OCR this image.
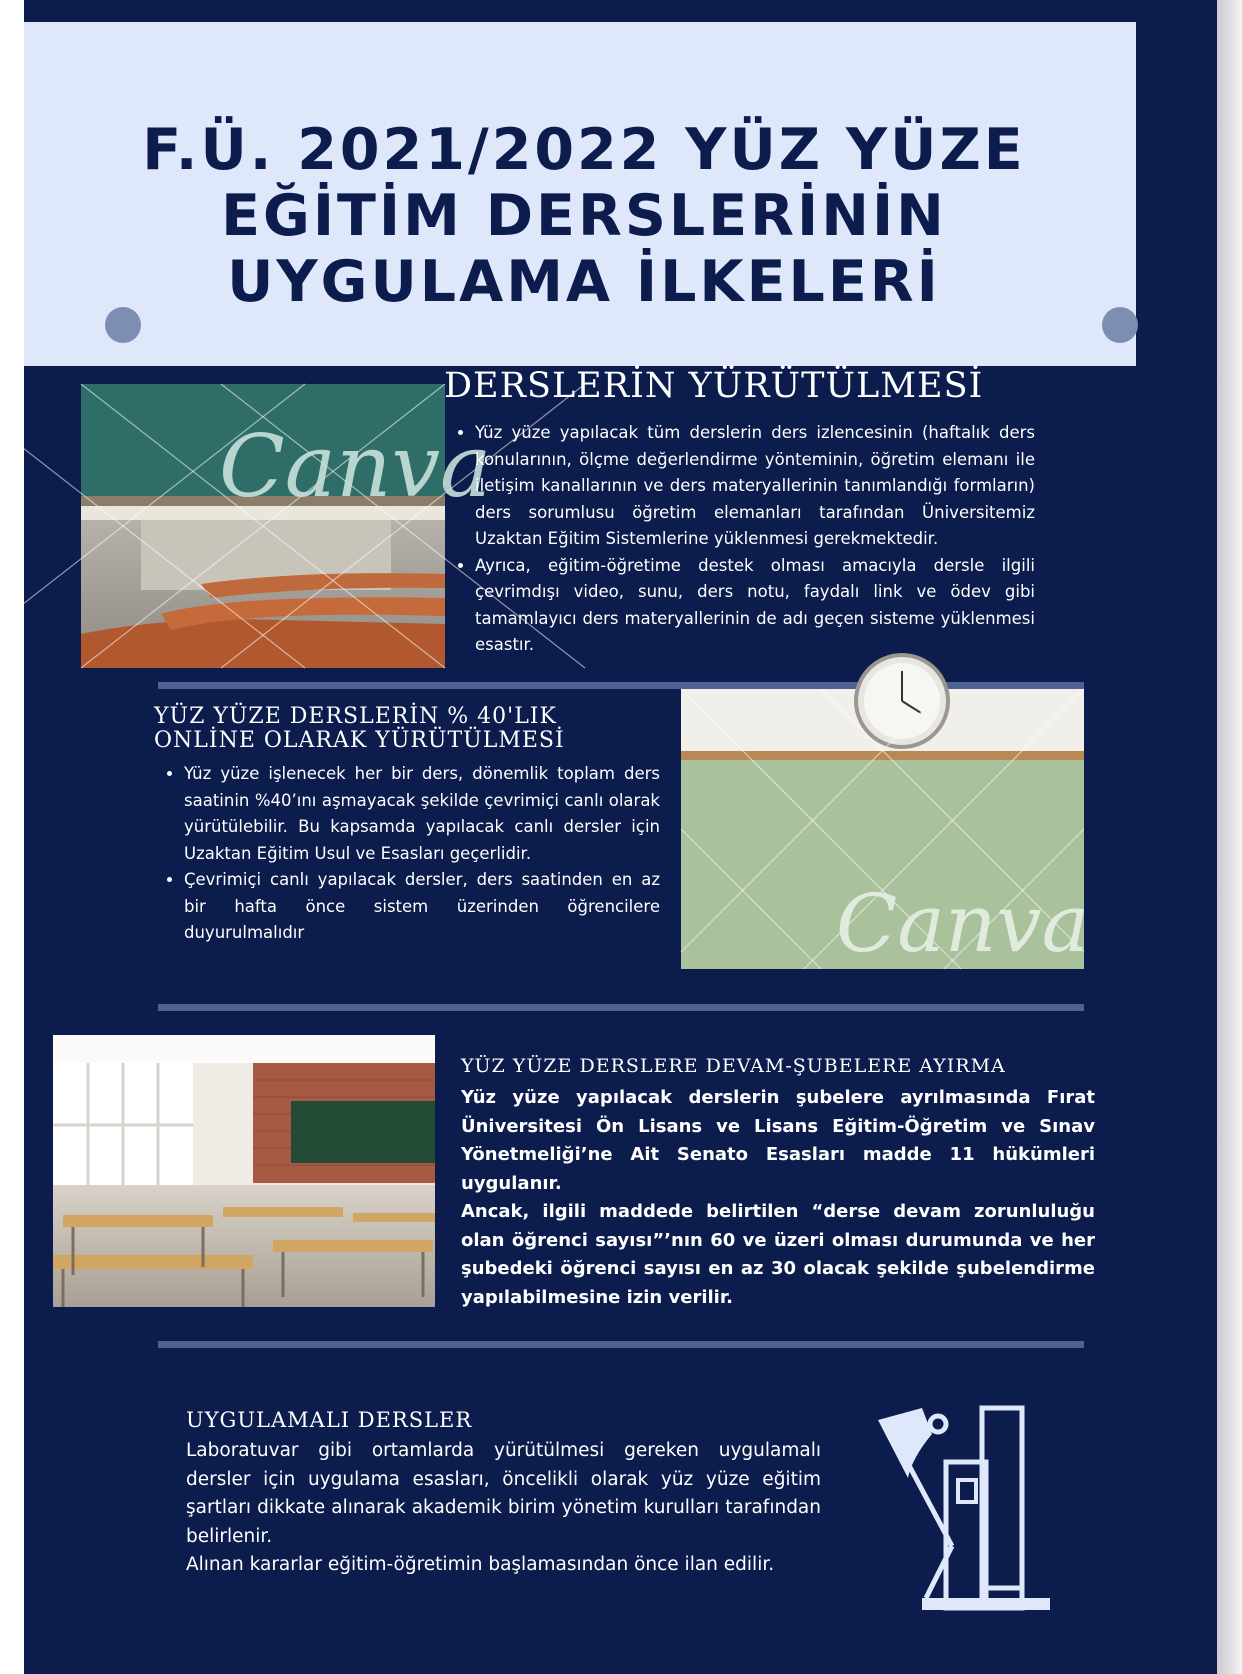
F.Ü. 2021/2022 YÜZ YÜZE EĞİTİM DERSLERİNİN UYGULAMA İLKELERİ
Canva
DERSLERİN YÜRÜTÜLMESİ
• Yüz yüze yapılacak tüm derslerin ders izlencesinin (haftalık ders konularının, ölçme değerlendirme yönteminin, öğretim elemanı ile iletişim kanallarının ve ders materyallerinin tanımlandığı formların) ders sorumlusu öğretim elemanları tarafından Üniversitemiz Uzaktan Eğitim Sistemlerine yüklenmesi gerekmektedir.
• Ayrıca, eğitim-öğretime destek olması amacıyla dersle ilgili çevrimdışı video, sunu, ders notu, faydalı link ve ödev gibi tamamlayıcı ders materyallerinin de adı geçen sisteme yüklenmesi esastır.
YÜZ YÜZE DERSLERİN % 40'LIK ONLİNE OLARAK YÜRÜTÜLMESİ
• Yüz yüze işlenecek her bir ders, dönemlik toplam ders saatinin %40’ını aşmayacak şekilde çevrimiçi canlı olarak yürütülebilir. Bu kapsamda yapılacak canlı dersler için Uzaktan Eğitim Usul ve Esasları geçerlidir.
• Çevrimiçi canlı yapılacak dersler, ders saatinden en az bir hafta önce sistem üzerinden öğrencilere duyurulmalıdır	Canva
YÜZ YÜZE DERSLERE DEVAM-ŞUBELERE AYIRMA

Yüz yüze yapılacak derslerin şubelere ayrılmasında Fırat Üniversitesi Ön Lisans ve Lisans Eğitim-Öğretim ve Sınav Yönetmeliği’ne Ait Senato Esasları madde 11 hükümleri uygulanır.

Ancak, ilgili maddede belirtilen “derse devam zorunluluğu olan öğrenci sayısı”’nın 60 ve üzeri olması durumunda ve her şubedeki öğrenci sayısı en az 30 olacak şekilde şubelendirme yapılabilmesine izin verilir.

UYGULAMALI DERSLER

Laboratuvar gibi ortamlarda yürütülmesi gereken uygulamalı dersler için uygulama esasları, öncelikli olarak yüz yüze eğitim şartları dikkate alınarak akademik birim yönetim kurulları tarafından belirlenir.

Alınan kararlar eğitim-öğretimin başlamasından önce ilan edilir.
